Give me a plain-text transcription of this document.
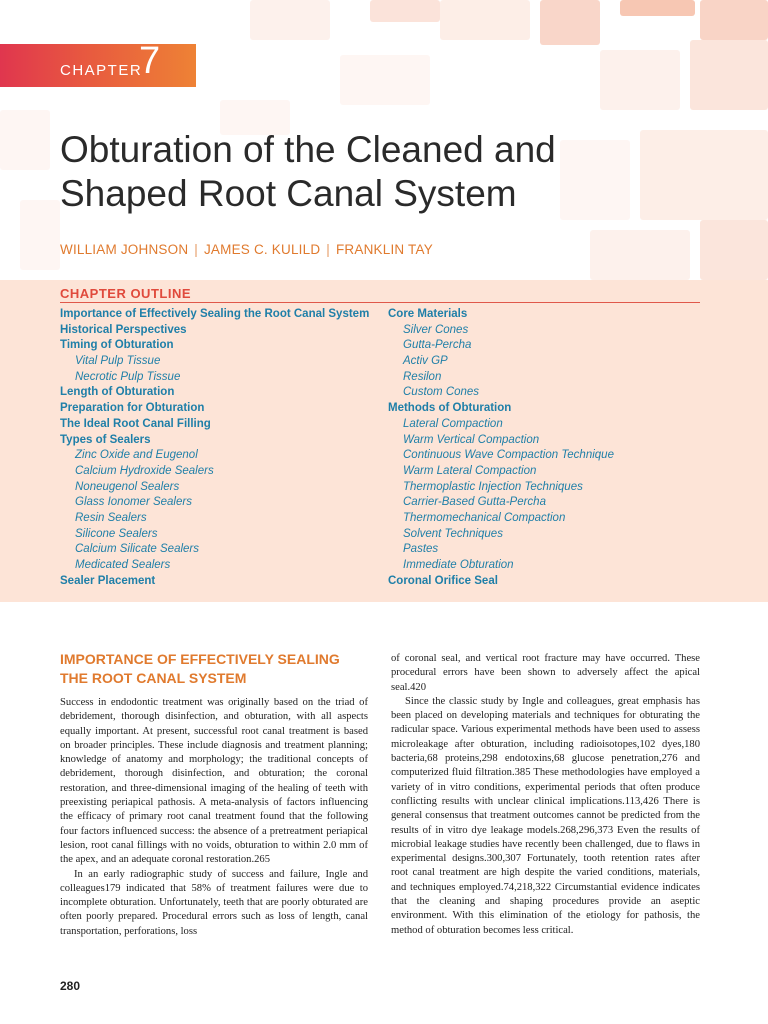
CHAPTER
7
Obturation of the Cleaned and Shaped Root Canal System
WILLIAM JOHNSON | JAMES C. KULILD | FRANKLIN TAY
CHAPTER OUTLINE
Importance of Effectively Sealing the Root Canal System
Historical Perspectives
Timing of Obturation
Vital Pulp Tissue
Necrotic Pulp Tissue
Length of Obturation
Preparation for Obturation
The Ideal Root Canal Filling
Types of Sealers
Zinc Oxide and Eugenol
Calcium Hydroxide Sealers
Noneugenol Sealers
Glass Ionomer Sealers
Resin Sealers
Silicone Sealers
Calcium Silicate Sealers
Medicated Sealers
Sealer Placement
Core Materials
Silver Cones
Gutta-Percha
Activ GP
Resilon
Custom Cones
Methods of Obturation
Lateral Compaction
Warm Vertical Compaction
Continuous Wave Compaction Technique
Warm Lateral Compaction
Thermoplastic Injection Techniques
Carrier-Based Gutta-Percha
Thermomechanical Compaction
Solvent Techniques
Pastes
Immediate Obturation
Coronal Orifice Seal
IMPORTANCE OF EFFECTIVELY SEALING THE ROOT CANAL SYSTEM

Success in endodontic treatment was originally based on the triad of debridement, thorough disinfection, and obturation, with all aspects equally important. At present, successful root canal treatment is based on broader principles. These include diagnosis and treatment planning; knowledge of anatomy and morphology; the traditional concepts of debridement, thorough disinfection, and obturation; the coronal restoration, and three-dimensional imaging of the healing of teeth with preexisting periapical pathosis. A meta-analysis of factors influencing the efficacy of primary root canal treatment found that the following four factors influenced success: the absence of a pretreatment periapical lesion, root canal fillings with no voids, obturation to within 2.0 mm of the apex, and an adequate coronal restoration.265

In an early radiographic study of success and failure, Ingle and colleagues179 indicated that 58% of treatment failures were due to incomplete obturation. Unfortunately, teeth that are poorly obturated are often poorly prepared. Procedural errors such as loss of length, canal transportation, perforations, loss

of coronal seal, and vertical root fracture may have occurred. These procedural errors have been shown to adversely affect the apical seal.420

Since the classic study by Ingle and colleagues, great emphasis has been placed on developing materials and techniques for obturating the radicular space. Various experimental methods have been used to assess microleakage after obturation, including radioisotopes,102 dyes,180 bacteria,68 proteins,298 endotoxins,68 glucose penetration,276 and computerized fluid filtration.385 These methodologies have employed a variety of in vitro conditions, experimental periods that often produce conflicting results with unclear clinical implications.113,426 There is general consensus that treatment outcomes cannot be predicted from the results of in vitro dye leakage models.268,296,373 Even the results of microbial leakage studies have recently been challenged, due to flaws in experimental designs.300,307 Fortunately, tooth retention rates after root canal treatment are high despite the varied conditions, materials, and techniques employed.74,218,322 Circumstantial evidence indicates that the cleaning and shaping procedures provide an aseptic environment. With this elimination of the etiology for pathosis, the method of obturation becomes less critical.

280
